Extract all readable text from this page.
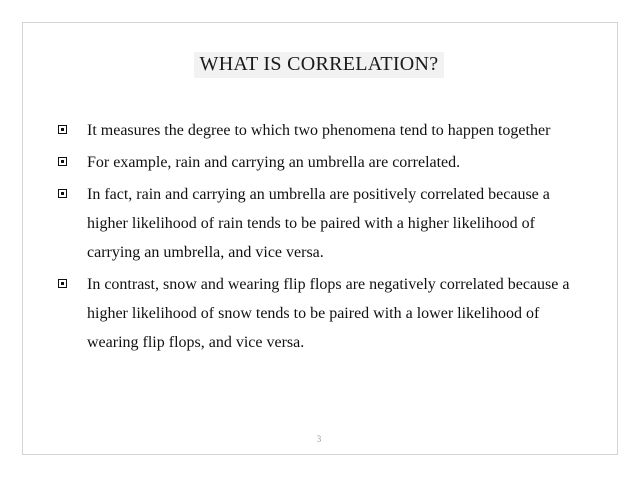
WHAT IS CORRELATION?
It measures the degree to which two phenomena tend to happen together
For example, rain and carrying an umbrella are correlated.
In fact, rain and carrying an umbrella are positively correlated because a higher likelihood of rain tends to be paired with a higher likelihood of carrying an umbrella, and vice versa.
In contrast, snow and wearing flip flops are negatively correlated because a higher likelihood of snow tends to be paired with a lower likelihood of wearing flip flops, and vice versa.
3
